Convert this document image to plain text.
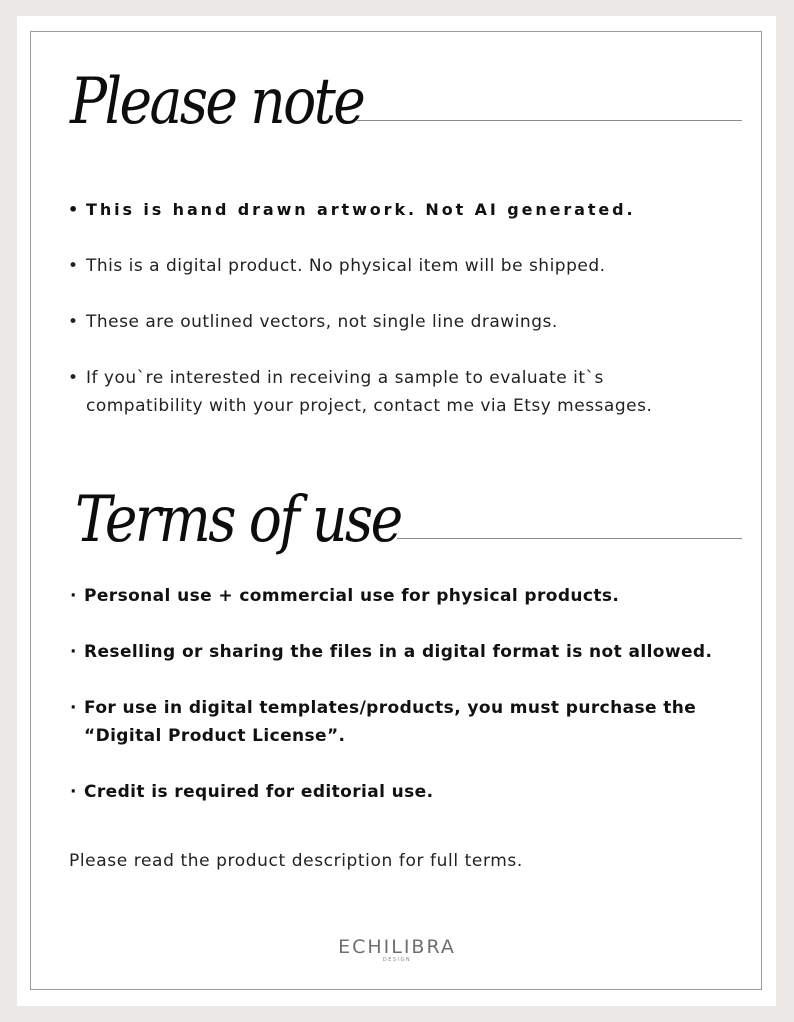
Please note
• This is hand drawn artwork. Not AI generated.
• This is a digital product. No physical item will be shipped.
• These are outlined vectors, not single line drawings.
• If you`re interested in receiving a sample to evaluate it`s
compatibility with your project, contact me via Etsy messages.
Terms of use
· Personal use + commercial use for physical products.
· Reselling or sharing the files in a digital format is not allowed.
· For use in digital templates/products, you must purchase the
“Digital Product License”.
· Credit is required for editorial use.
Please read the product description for full terms.
ECHILIBRA
DESIGN
